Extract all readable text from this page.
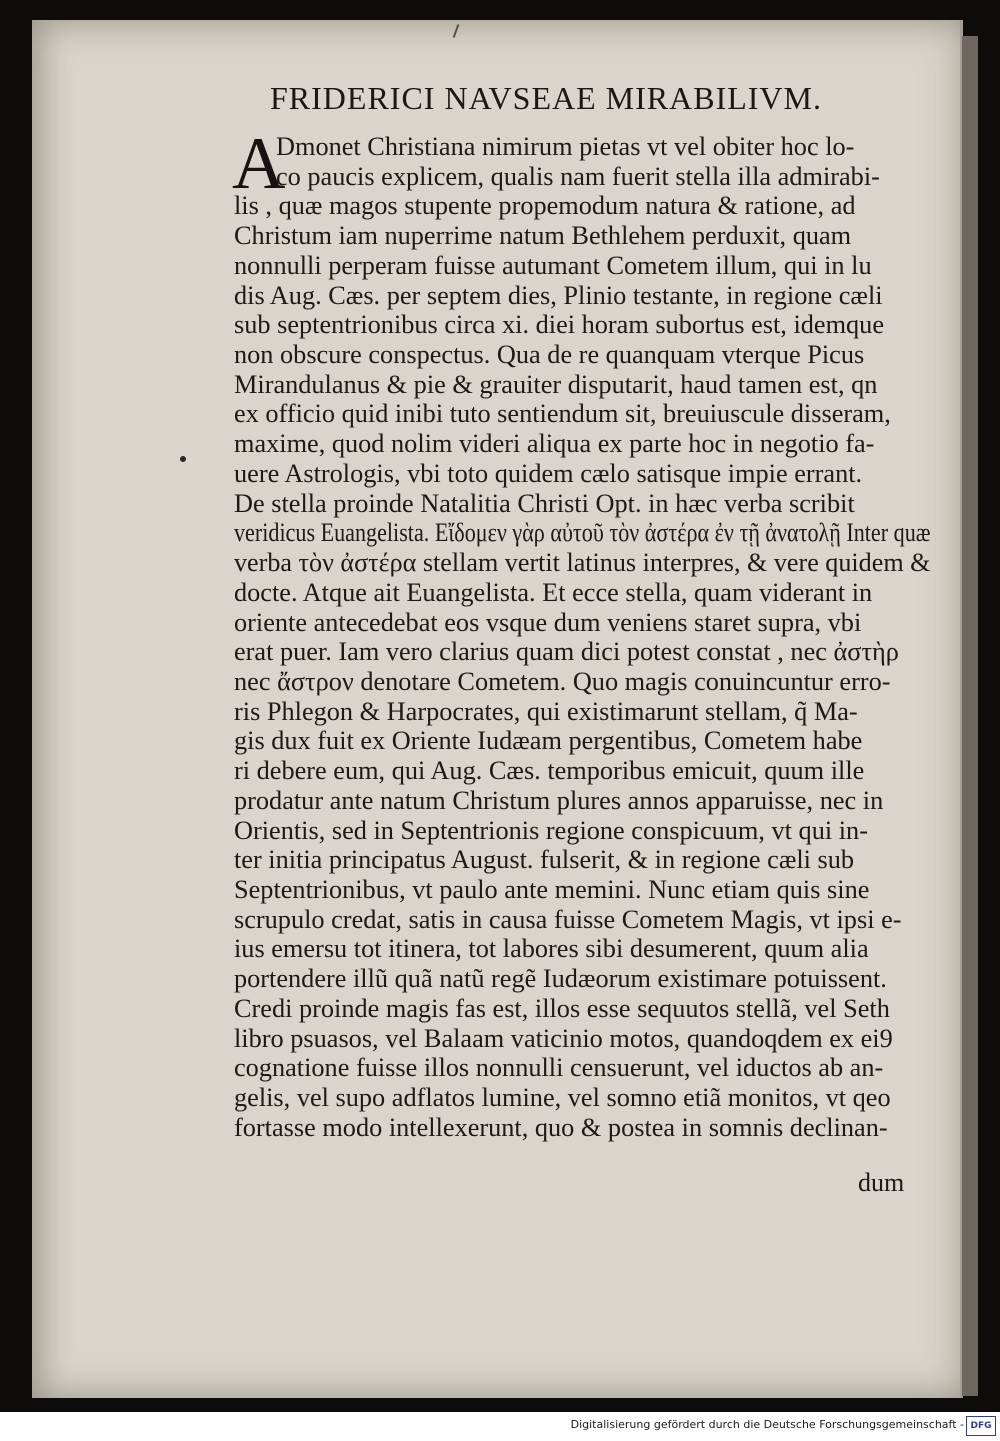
FRIDERICI NAVSEAE MIRABILIVM.
A
Dmonet Christiana nimirum pietas vt vel obiter hoc lo-
co paucis explicem, qualis nam fuerit stella illa admirabi-
lis , quæ magos stupente propemodum natura & ratione, ad
Christum iam nuperrime natum Bethlehem perduxit, quam
nonnulli perperam fuisse autumant Cometem illum, qui in lu
dis Aug. Cæs. per septem dies, Plinio testante, in regione cæli
sub septentrionibus circa xi. diei horam subortus est, idemque
non obscure conspectus. Qua de re quanquam vterque Picus
Mirandulanus & pie & grauiter disputarit, haud tamen est, qn
ex officio quid inibi tuto sentiendum sit, breuiuscule disseram,
maxime, quod nolim videri aliqua ex parte hoc in negotio fa-
uere Astrologis, vbi toto quidem cælo satisque impie errant.
De stella proinde Natalitia Christi Opt. in hæc verba scribit
veridicus Euangelista. Εἴδομεν γὰρ αὐτοῦ τὸν ἀστέρα ἐν τῇ ἀνατολῇ Inter quæ
verba τὸν ἀστέρα stellam vertit latinus interpres, & vere quidem &
docte. Atque ait Euangelista. Et ecce stella, quam viderant in
oriente antecedebat eos vsque dum veniens staret supra, vbi
erat puer. Iam vero clarius quam dici potest constat , nec ἀστὴρ
nec ἄστρον denotare Cometem. Quo magis conuincuntur erro-
ris Phlegon & Harpocrates, qui existimarunt stellam, q̃ Ma-
gis dux fuit ex Oriente Iudæam pergentibus, Cometem habe
ri debere eum, qui Aug. Cæs. temporibus emicuit, quum ille
prodatur ante natum Christum plures annos apparuisse, nec in
Orientis, sed in Septentrionis regione conspicuum, vt qui in-
ter initia principatus August. fulserit, & in regione cæli sub
Septentrionibus, vt paulo ante memini. Nunc etiam quis sine
scrupulo credat, satis in causa fuisse Cometem Magis, vt ipsi e-
ius emersu tot itinera, tot labores sibi desumerent, quum alia
portendere illũ quã natũ regẽ Iudæorum existimare potuissent.
Credi proinde magis fas est, illos esse sequutos stellã, vel Seth
libro psuasos, vel Balaam vaticinio motos, quandoqdem ex ei9
cognatione fuisse illos nonnulli censuerunt, vel iductos ab an-
gelis, vel supo adflatos lumine, vel somno etiã monitos, vt qeo
fortasse modo intellexerunt, quo & postea in somnis declinan-
dum
Digitalisierung gefördert durch die Deutsche Forschungsgemeinschaft - DFG
